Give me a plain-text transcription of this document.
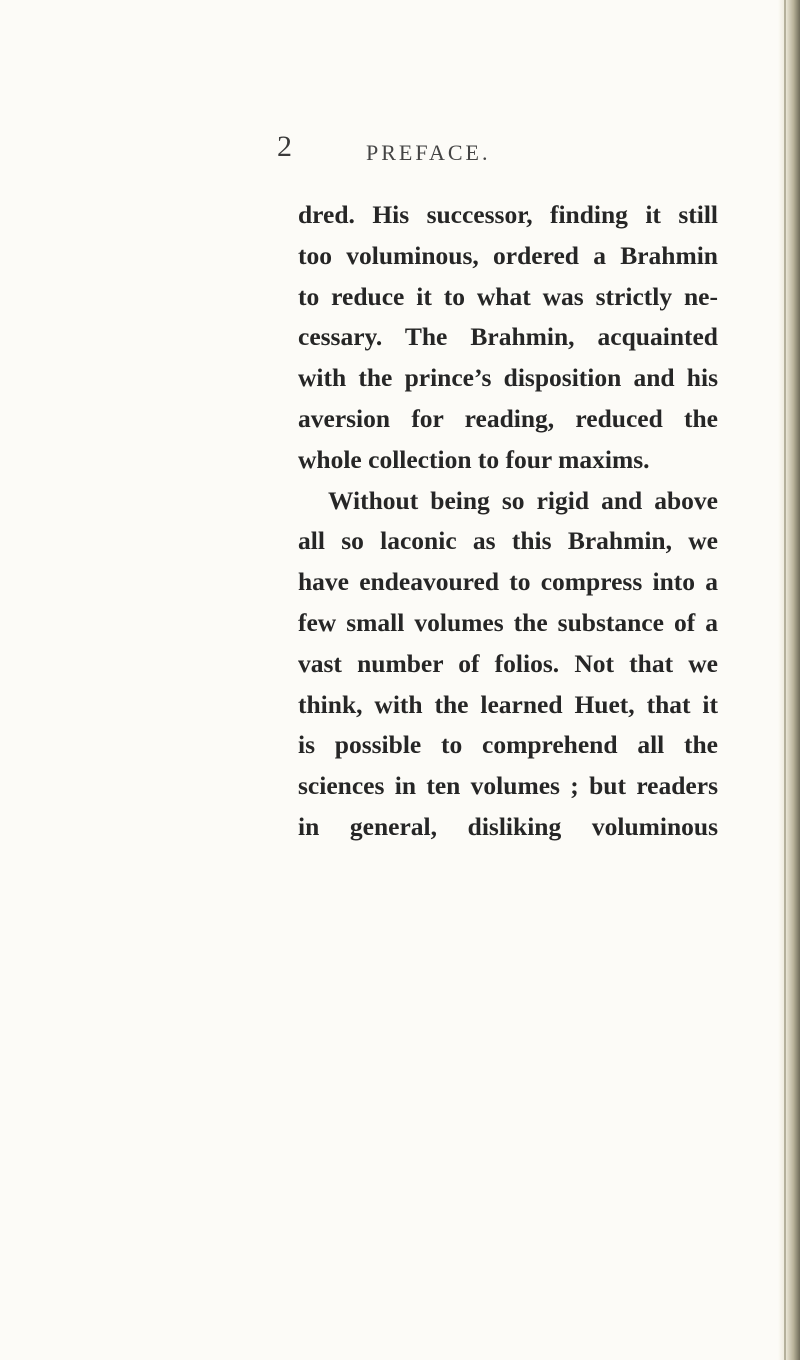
2	PREFACE.

dred. His successor, finding it still
too voluminous, ordered a Brahmin
to reduce it to what was strictly ne-
cessary. The Brahmin, acquainted
with the prince’s disposition and his
aversion for reading, reduced the
whole collection to four maxims.
Without being so rigid and above
all so laconic as this Brahmin, we
have endeavoured to compress into a
few small volumes the substance of a
vast number of folios. Not that we
think, with the learned Huet, that it
is possible to comprehend all the
sciences in ten volumes ; but readers
in general, disliking voluminous
